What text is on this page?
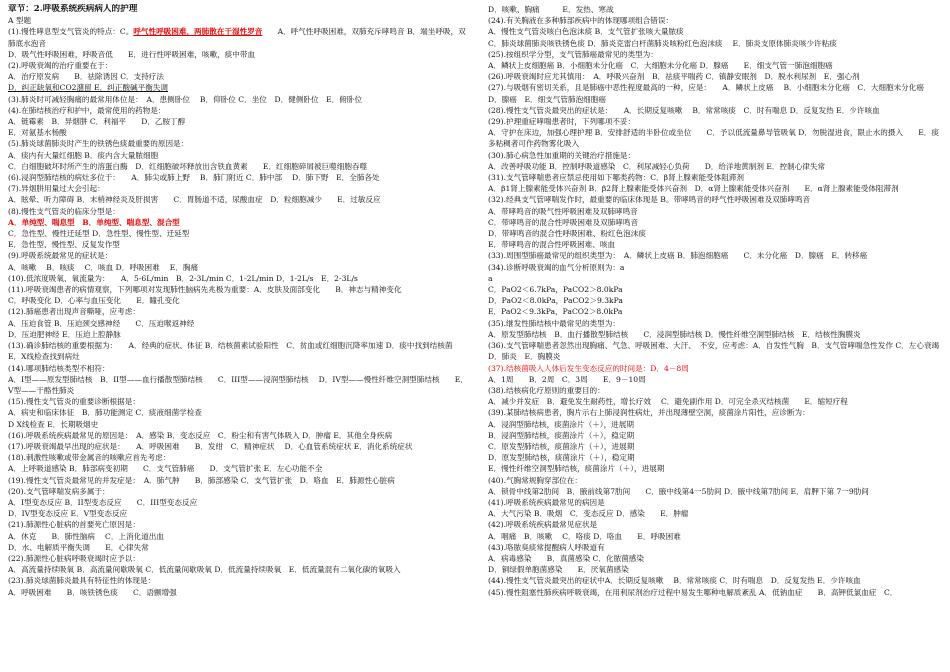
章节：2.呼吸系统疾病病人的护理
A 型题
(1).慢性哮息型支气管炎的特点：C。呼气性呼吸困难，两肺散在干湿性罗音　　A．呼气性呼吸困难，双肺充斥哮鸣音 B．端坐呼吸，双肺底水泡音
D．吸气性呼吸困难，呼吸音低　　E．进行性呼吸困难，咳嗽，痰中带血
(2).呼吸衰竭的治疗重要在于：
A．治疗原发病　　B．祛除诱因 C．支持疗法
D．纠正缺氧和CO2潴留 E．纠正酸碱平衡失调
(3).肺炎时可减轻胸痛的最常用体位是：　A．患侧卧位　 B．仰卧位 C．坐位　D．健侧卧位　E．俯卧位
(4).在肺结核治疗和护中，最常使用的药物是：
A．链霉素　B．异烟肼 C．利福平　　D．乙胺丁醇
E．对氨基水杨酸
(5).肺炎球菌肺炎时产生的铁锈色痰最重要的原因是：
A．痰内有大量红细胞 B．痰内含大量脓细胞
C．白细胞破坏时所产生的溶蛋白酶　D．红细胞破坏释放出含铁血黄素　　E．红细胞碎屑被巨噬细胞吞噬
(6).浸润型肺结核的病灶多位于：　　A．肺尖或肺上野　 B．肺门附近 C．肺中部　 D．肺下野　E．全肺各处
(7).异烟肼用量过大会引起：
A．眩晕、听力障碍 B．末梢神经炎及肝损害　　C．胃肠道不适，尿酸血症　D．粒细胞减少　　E．过敏反应
(8).慢性支气管炎的临床分型是：
A．单纯型、喘息型　B．单纯型、喘息型、混合型
C．急性型、慢性迁延型 D．急性型、慢性型、迁延型
E．急性型、慢性型、反复发作型
(9).呼吸系统最常见的症状是：
A．咳嗽　 B．咳痰　 C．咳血 D．呼吸困难　 E．胸痛
(10).低浓度吸氧、氧流量为：　　A．5-6L/min　B．2-3L/min C．1-2L/min D．1-2L/s　E．2-3L/s
(11).呼吸衰竭患者的病情观察，下列哪项对发现肺性脑病先兆极为重要：A．皮肤及面部变化　　B．神志与精神变化
C．呼吸变化 D．心率与血压变化　　E．瞳孔变化
(12).肺癌患者出现声音嘶哑，应考虑：
A．压迫食管 B．压迫颈交感神经　　C．压迫喉返神经
D．压迫肥神经 E．压迫上腔静脉
(13).确诊肺结核的重要根据为：　　A．经典的症状、体征 B．结核菌素试验阳性　C．贫血或红细胞沉降率加速 D．痰中找到结核菌　　E．X线检查找到病灶
(14).哪项肺结核类型不相符：
A．I型——原发型肺结核　B．II型——血行播散型肺结核　　C．III型——浸润型肺结核　 D．IV型——慢性纤维空洞型肺结核　　E．V型——干酪性肺炎
(15).慢性支气管炎的重要诊断根据是：
A．病史和临床体征　B．肺功能测定 C．痰液细菌学检查
D X线检查 E．长期吸烟史
(16).呼吸系统疾病最常见的原因是：　A．感染 B．变态反应　C．粉尘和有害气体吸入 D．肿瘤 E．其他全身疾病
(17).呼吸衰竭最早出现的症状是：　　A．呼吸困难　　B．发绀　C．精神症状　 D．心血管系统症状 E．消化系统症状
(18).刺激性咳嗽或带金属音的咳嗽应首先考虑：
A．上呼吸道感染 B．肺部病变初期　　C．支气管肺癌　　D．支气管扩张 E．左心功能不全
(19).慢性支气管炎最常见的并发症是：　A．肺气肿　　B．肺部感染 C．支气管扩张　D．咯血　E．肺源性心脏病
(20).支气管哮喘发病多属于：
A．I型变态反应 B．II型变态反应　　C．III型变态反应
D．IV型变态反应 E．V型变态反应
(21).肺源性心脏病的首要死亡原因是：
A．休克　　B．肺性脑病　 C．上消化道出血
D．水、电解质平衡失调　　E．心律失常
(22).肺源性心脏病呼吸衰竭时应予以：
A．高流量持续吸氧 B．高流量间歇吸氧 C．低流量间歇吸氧 D．低流量持续吸氧　E．低流量混有二氧化碳的氧吸入
(23).肺炎球菌肺炎最具有特征性的体现是：
A．呼吸困难　　B．咳铁锈色痰　　C．语颤增强
D．咳嗽、胸痛　　　E．发热、寒战
(24).有关胸液在多种肺部疾病中的体现哪项组合错误：
A．慢性支气管炎咳白色泡沫痰 B．支气管扩张咳大量脓痰
C．肺炎球菌肺炎咳铁锈色痰 D．肺炎克雷白杆菌肺炎咳粉红色泡沫痰　 E．肺炎支原体肺炎咳少许粘痰
(25).按组织学分型，支气管肺癌最常见的类型为：
A．鳞状上皮细胞癌 B．小细胞未分化癌　C．大细胞未分化癌 D．腺癌　　E．细支气管一肺泡细胞癌
(26).呼吸衰竭时应尤其慎用：　A．呼吸兴奋剂　B．祛痰平喘药 C．镇静安眠剂　D．脱水利尿剂　E．强心剂
(27).与吸烟有密切关系，且是肺癌中恶性程度最高的一种，应是：　　A．鳞状上皮癌　 B．小细胞未分化癌　C．大细胞未分化癌　D．腺癌　E．细支气管肺泡细胞癌
(28).慢性支气管炎最突出的症状是：　　A．长期反复咳嗽　 B．常常咳痰　C．时有喘息 D．反复发热 E．少许咳血
(29).护理重症哮喘患者时，下列哪项不妥：
A．守护在床边，加强心理护理 B．安排舒适的半卧位或坐位　　C．予以低流量鼻导管吸氧 D．勿脱湿进食，限止水的摄入　　E．痰多粘稠者可作药物雾化吸入
(30).肺心病急性加重期的关键治疗措施是：
A．改善呼吸功能 B．控制呼吸道感染　C．利尿减轻心负荷　　D．给洋地黄制剂 E．控制心律失常
(31).支气管哮喘患者应禁忌使用如下哪类药物：C．β肾上腺素能受体阻滞剂
A．β1肾上腺素能受体兴奋剂 B．β2肾上腺素能受体兴奋剂　D．α肾上腺素能受体兴奋剂　　E．α肾上腺素能受体阻滞剂
(32).经典支气管哮喘发作时，最重要的临床体现是 B。带哮鸣音的呼气性呼吸困难及双肺哮鸣音
A．带哮鸣音的吸气性呼吸困难及双肺哮鸣音
C．带哮鸣音的混合性呼吸困难及双肺哮鸣音
D．带哮鸣音的混合性呼吸困难、粉红色泡沫痰
E．带哮鸣音的混合性呼吸困难、咳血
(33).周围型肺癌最常见的组织类型为：　A．鳞状上皮癌 B．肺泡细胞癌　　C．未分化癌　D．腺癌　E．转移癌
(34).诊断呼吸衰竭的血气分析原则为：a
a
C．PaO2＜6.7kPa，PaCO2＞8.0kPa
D．PaO2＜8.0kPa，PaCO2＞9.3kPa
E．PaO2＜9.3kPa，PaCO2＞8.0kPa
(35).继发性肺结核中最常见的类型为：
A．原发型肺结核　B．血行播散型肺结核　　C．浸润型肺结核 D．慢性纤维空洞型肺结核　E．结核性胸膜炎
(36).支气管哮喘患者忽然出现胸痛、气急、呼吸困难、大汗、　不安，应考虑：A．自发性气胸　B．支气管哮喘急性发作 C．左心衰竭 D．肺炎　E．胸膜炎
(37).结核菌吸入人体后发生变态反应的时间是：D．4－8周
A．1周　　B．2周　C．3周　　E．9－10周
(38).结核病化疗原则的重要目的：
A．减少并发症　B．避免发生耐药性，增长疗效　 C．避免副作用 D．可完全杀灭结核菌　　E．缩短疗程
(39).某肺结核病患者，胸片示右上肺浸润性病灶，并出现薄壁空洞，痰菌涂片阳性，应诊断为：
A．浸润型肺结核，痰菌涂片（＋），进展期
B．浸润型肺结核，痰菌涂片（＋），稳定期
C．原发型肺结核，痰菌涂片（＋），进展期
D．原发型肺结核，痰菌涂片（＋），稳定期
E．慢性纤维空洞型肺结核，痰菌涂片（＋），进展期
(40).气胸常规胸穿部位在：
A．锁骨中线第2肋间　B．腋前线第7肋间　　C．腋中线第4一5肋间 D．腋中线第7肋间 E．肩胛下第 7一9肋间
(41).呼吸系统疾病最常见的病因是
A．大气污染 B．吸烟　C．变态反应 D．感染　　E．肿瘤
(42).呼吸系统疾病最常见症状是
A．咽痛　B．咳嗽　 C．咯痰 D．咯血　　E．呼吸困难
(43).咯脓臭痰常提醒病人呼吸道有
A．病毒感染　　B．真菌感染 C．化脓菌感染
D．铜绿假单胞菌感染　　E．厌氧菌感染
(44).慢性支气管炎最突出的症状中A．长期反复咳嗽　 B．常常咳痰 C．时有喘息　D．反复发热 E．少许咳血
(45).慢性阻塞性肺疾病呼吸衰竭，在用利尿剂治疗过程中易发生哪种电解质紊乱 A．低钠血症　　B．高钾低氯血症　C．
